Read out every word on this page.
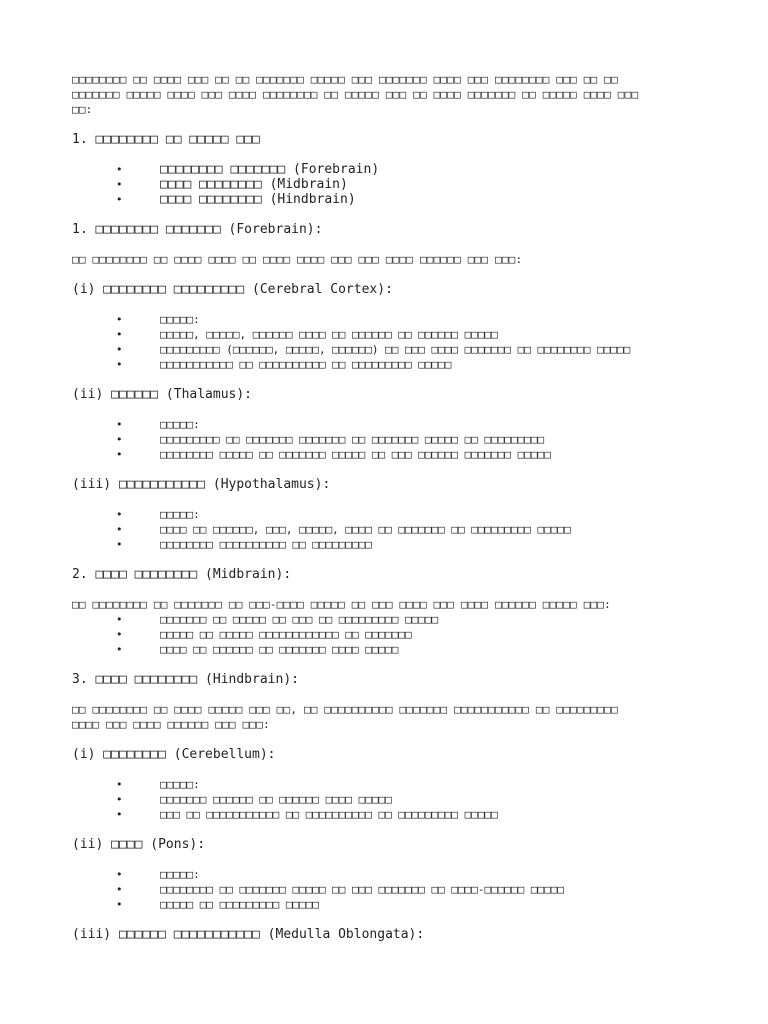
□□□□□□□□ □□ □□□□ □□□ □□ □□ □□□□□□□ □□□□□ □□□ □□□□□□□ □□□□ □□□ □□□□□□□□ □□□ □□ □□

□□□□□□□ □□□□□ □□□□ □□□ □□□□ □□□□□□□□ □□ □□□□□ □□□ □□ □□□□ □□□□□□□ □□ □□□□□ □□□□ □□□

□□:

1. □□□□□□□□ □□ □□□□□ □□□

•	□□□□□□□□ □□□□□□□ (Forebrain)
•	□□□□ □□□□□□□□ (Midbrain)
•	□□□□ □□□□□□□□ (Hindbrain)

1. □□□□□□□□ □□□□□□□ (Forebrain):

□□ □□□□□□□□ □□ □□□□ □□□□ □□ □□□□ □□□□ □□□ □□□ □□□□ □□□□□□ □□□ □□□:

(i) □□□□□□□□ □□□□□□□□□ (Cerebral Cortex):

•	□□□□□:
•	□□□□□, □□□□□, □□□□□□ □□□□ □□ □□□□□□ □□ □□□□□□ □□□□□
•	□□□□□□□□□ (□□□□□□, □□□□□, □□□□□□) □□ □□□ □□□□ □□□□□□□ □□ □□□□□□□□ □□□□□
•	□□□□□□□□□□□ □□ □□□□□□□□□□ □□ □□□□□□□□□ □□□□□

(ii) □□□□□□ (Thalamus):

•	□□□□□:
•	□□□□□□□□□ □□ □□□□□□□ □□□□□□□ □□ □□□□□□□ □□□□□ □□ □□□□□□□□□
•	□□□□□□□□ □□□□□ □□ □□□□□□□ □□□□□ □□ □□□ □□□□□□ □□□□□□□ □□□□□

(iii) □□□□□□□□□□□ (Hypothalamus):

•	□□□□□:
•	□□□□ □□ □□□□□□, □□□, □□□□□, □□□□ □□ □□□□□□□ □□ □□□□□□□□□ □□□□□
•	□□□□□□□□ □□□□□□□□□□ □□ □□□□□□□□□

2. □□□□ □□□□□□□□ (Midbrain):

□□ □□□□□□□□ □□ □□□□□□□ □□ □□□-□□□□ □□□□□ □□ □□□ □□□□ □□□ □□□□ □□□□□□ □□□□□ □□□:

•	□□□□□□□ □□ □□□□□ □□ □□□ □□ □□□□□□□□□ □□□□□
•	□□□□□ □□ □□□□□ □□□□□□□□□□□□ □□ □□□□□□□
•	□□□□ □□ □□□□□□ □□ □□□□□□□ □□□□ □□□□□

3. □□□□ □□□□□□□□ (Hindbrain):

□□ □□□□□□□□ □□ □□□□ □□□□□ □□□ □□, □□ □□□□□□□□□□ □□□□□□□ □□□□□□□□□□□ □□ □□□□□□□□□

□□□□ □□□ □□□□ □□□□□□ □□□ □□□:

(i) □□□□□□□□ (Cerebellum):

•	□□□□□:
•	□□□□□□□ □□□□□□ □□ □□□□□□ □□□□ □□□□□
•	□□□ □□ □□□□□□□□□□□ □□ □□□□□□□□□□ □□ □□□□□□□□□ □□□□□

(ii) □□□□ (Pons):

•	□□□□□:
•	□□□□□□□□ □□ □□□□□□□ □□□□□ □□ □□□ □□□□□□□ □□ □□□□-□□□□□□ □□□□□
•	□□□□□ □□ □□□□□□□□□ □□□□□

(iii) □□□□□□ □□□□□□□□□□□ (Medulla Oblongata):
